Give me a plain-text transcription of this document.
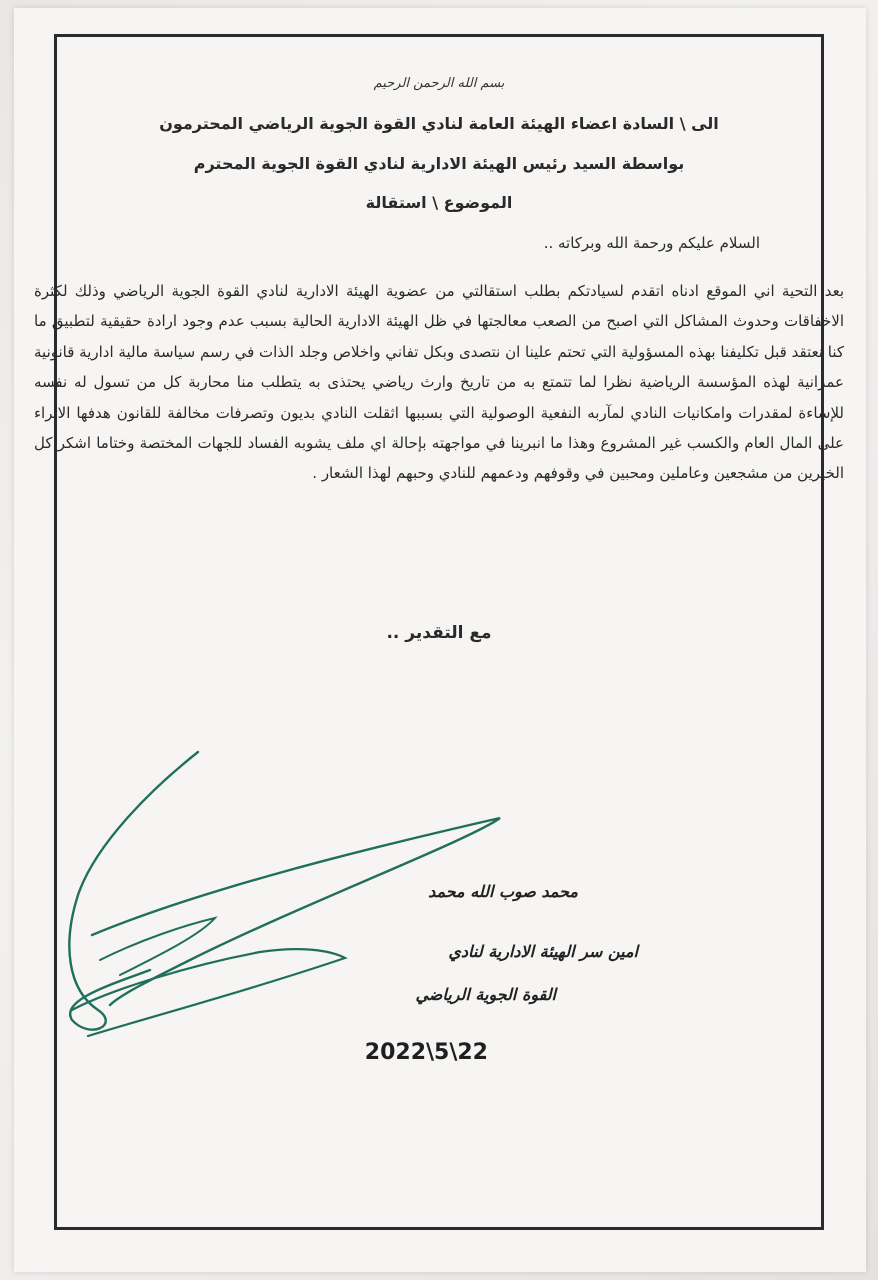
بسم الله الرحمن الرحيم

الى \ السادة اعضاء الهيئة العامة لنادي القوة الجوية الرياضي المحترمون

بواسطة السيد رئيس الهيئة الادارية لنادي القوة الجوية المحترم

الموضوع \ استقالة

السلام عليكم ورحمة الله وبركاته ..

بعد التحية اني الموقع ادناه اتقدم لسيادتكم بطلب استقالتي من عضوية الهيئة الادارية لنادي القوة الجوية الرياضي وذلك لكثرة الاخفاقات وحدوث المشاكل التي اصبح من الصعب معالجتها في ظل الهيئة الادارية الحالية بسبب عدم وجود ارادة حقيقية لتطبيق ما كنا نعتقد قبل تكليفنا بهذه المسؤولية التي تحتم علينا ان نتصدى وبكل تفاني واخلاص وجلد الذات في رسم سياسة مالية ادارية قانونية عمرانية لهذه المؤسسة الرياضية نظرا لما تتمتع به من تاريخ وارث رياضي يحتذى به يتطلب منا محاربة كل من تسول له نفسه للإساءة لمقدرات وامكانيات النادي لمآربه النفعية الوصولية التي بسببها اثقلت النادي بديون وتصرفات مخالفة للقانون هدفها الاثراء على المال العام والكسب غير المشروع وهذا ما انبرينا في مواجهته بإحالة اي ملف يشوبه الفساد للجهات المختصة وختاما اشكر كل الخيرين من مشجعين وعاملين ومحبين في وقوفهم ودعمهم للنادي وحبهم لهذا الشعار .

مع التقدير ..
محمد صوب الله محمد
امين سر الهيئة الادارية لنادي
القوة الجوية الرياضي
2022\5\22
